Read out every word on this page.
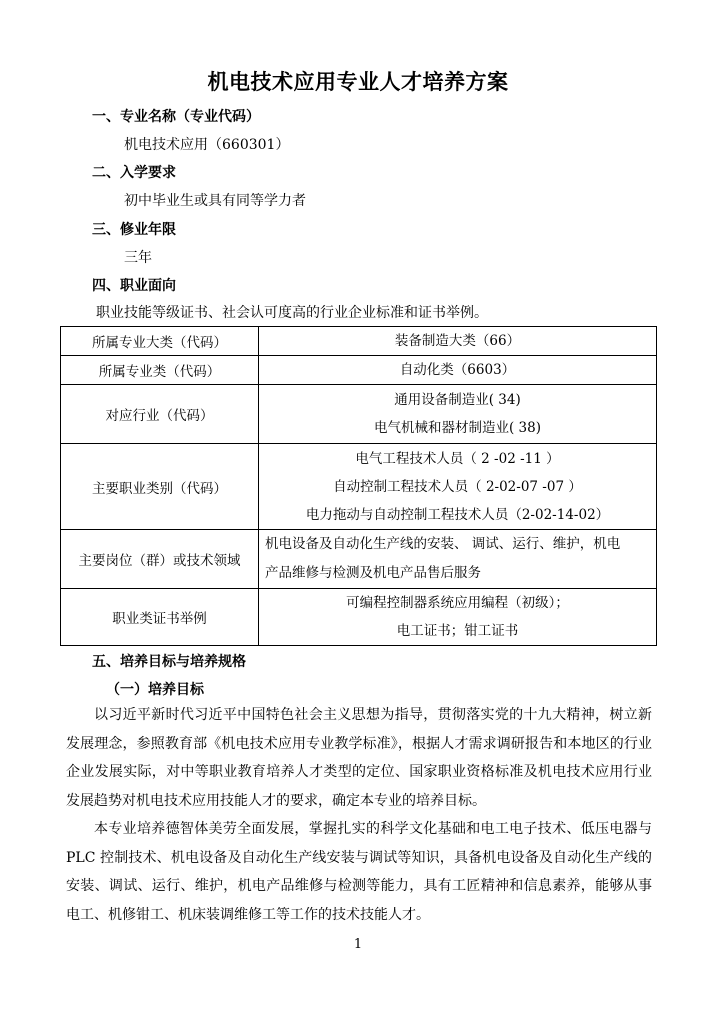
机电技术应用专业人才培养方案
一、专业名称（专业代码）
机电技术应用（660301）
二、入学要求
初中毕业生或具有同等学力者
三、修业年限
三年
四、职业面向
职业技能等级证书、社会认可度高的行业企业标准和证书举例。
所属专业大类（代码）	装备制造大类（66）

所属专业类（代码）	自动化类（6603）

对应行业（代码）	通用设备制造业( 34)
电气机械和器材制造业( 38)

主要职业类别（代码）	电气工程技术人员（ 2 -02 -11 ）
自动控制工程技术人员（ 2-02-07 -07 ）
电力拖动与自动控制工程技术人员（2-02-14-02）

主要岗位（群）或技术领域	机电设备及自动化生产线的安装、 调试、运行、维护，机电
产品维修与检测及机电产品售后服务

职业类证书举例	可编程控制器系统应用编程（初级）；
电工证书；钳工证书
五、培养目标与培养规格
（一）培养目标
以习近平新时代习近平中国特色社会主义思想为指导，贯彻落实党的十九大精神，树立新发展理念，参照教育部《机电技术应用专业教学标准》，根据人才需求调研报告和本地区的行业企业发展实际，对中等职业教育培养人才类型的定位、国家职业资格标准及机电技术应用行业发展趋势对机电技术应用技能人才的要求，确定本专业的培养目标。
本专业培养德智体美劳全面发展，掌握扎实的科学文化基础和电工电子技术、低压电器与 PLC 控制技术、机电设备及自动化生产线安装与调试等知识，具备机电设备及自动化生产线的安装、调试、运行、维护，机电产品维修与检测等能力，具有工匠精神和信息素养，能够从事电工、机修钳工、机床装调维修工等工作的技术技能人才。
1
